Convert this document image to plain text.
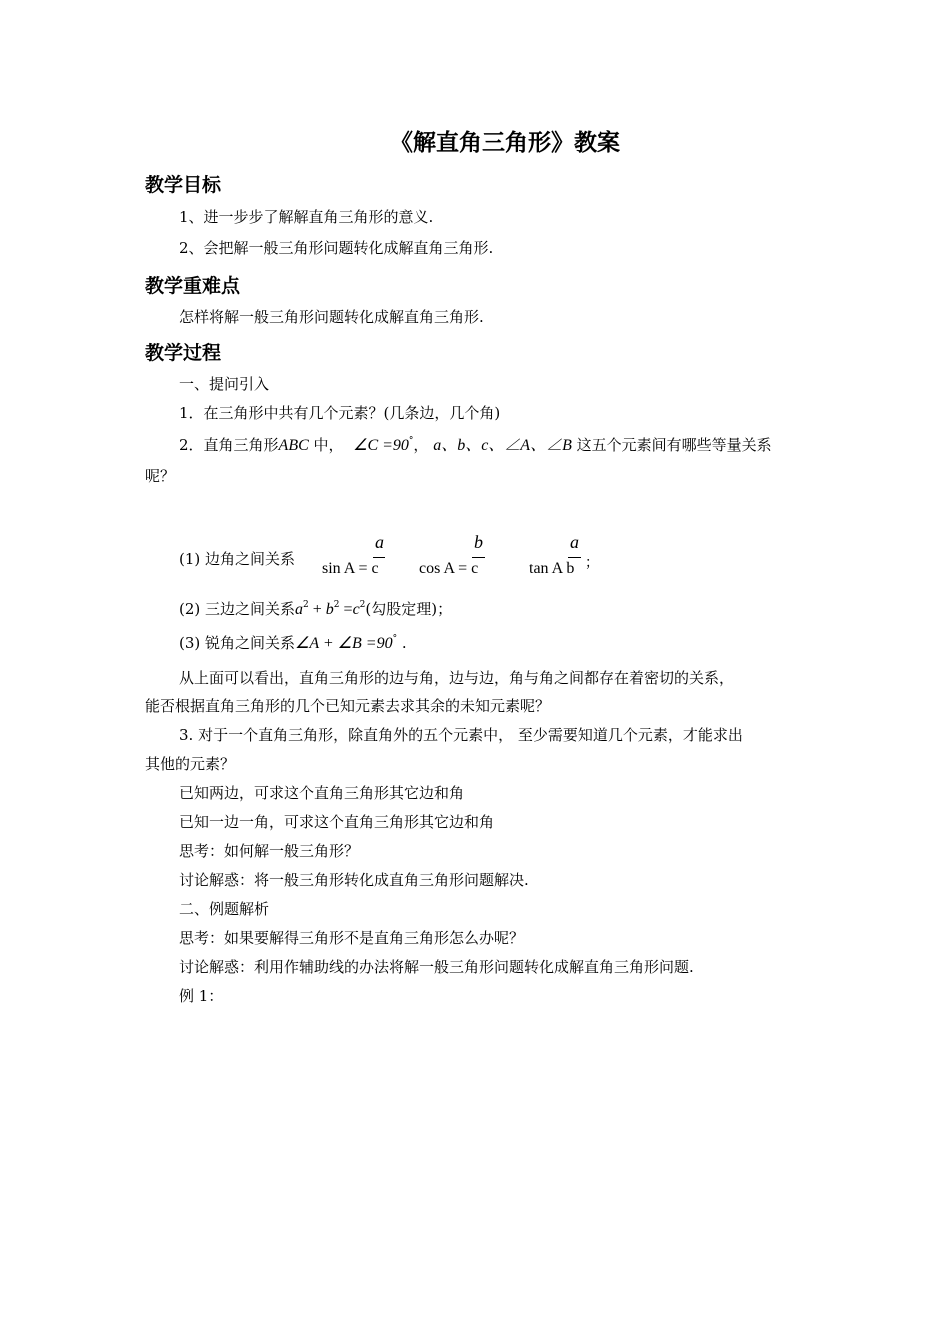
《解直角三角形》教案
教学目标
1、进一步步了解解直角三角形的意义.
2、会把解一般三角形问题转化成解直角三角形.
教学重难点
怎样将解一般三角形问题转化成解直角三角形.
教学过程
一、提问引入
1．在三角形中共有几个元素？(几条边，几个角)
2．直角三角形ABC 中， ∠C =90°， a、b、c、∠A、∠B 这五个元素间有哪些等量关系
呢？
(1) 边角之间关系
a
sin A = c
b
cos A = c
a
tan A b ；
(2) 三边之间关系$a^2 + b^2 =c^2$(勾股定理)；
(3) 锐角之间关系∠A + ∠B =90° .
从上面可以看出，直角三角形的边与角，边与边，角与角之间都存在着密切的关系，
能否根据直角三角形的几个已知元素去求其余的未知元素呢？
3. 对于一个直角三角形，除直角外的五个元素中， 至少需要知道几个元素，才能求出
其他的元素？
已知两边，可求这个直角三角形其它边和角
已知一边一角，可求这个直角三角形其它边和角
思考：如何解一般三角形？
讨论解惑：将一般三角形转化成直角三角形问题解决.
二、例题解析
思考：如果要解得三角形不是直角三角形怎么办呢？
讨论解惑：利用作辅助线的办法将解一般三角形问题转化成解直角三角形问题.
例 1：
